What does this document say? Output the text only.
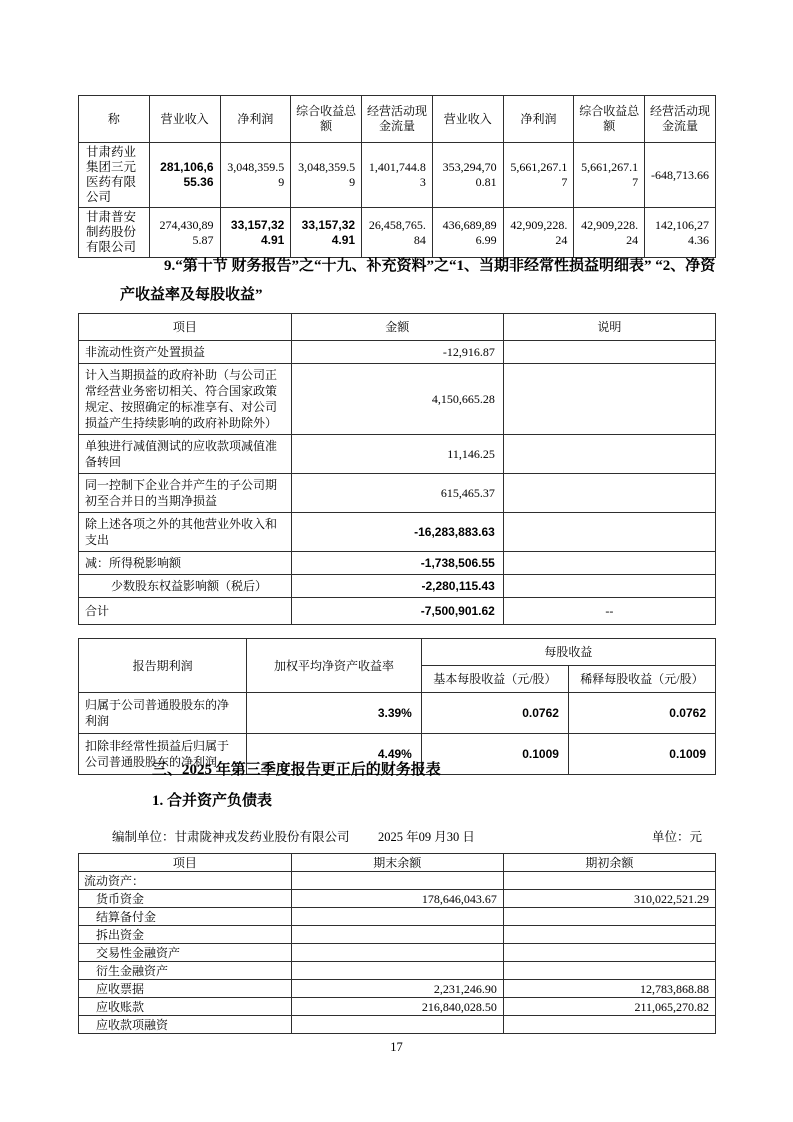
称	营业收入	净利润	综合收益总额	经营活动现金流量	营业收入	净利润	综合收益总额	经营活动现金流量
甘肃药业集团三元医药有限公司	281,106,655.36	3,048,359.59	3,048,359.59	1,401,744.83	353,294,700.81	5,661,267.17	5,661,267.17	-648,713.66
甘肃普安制药股份有限公司	274,430,895.87	33,157,324.91	33,157,324.91	26,458,765.84	436,689,896.99	42,909,228.24	42,909,228.24	142,106,274.36

9.“第十节 财务报告”之“十九、补充资料”之“1、当期非经常性损益明细表” “2、净资产收益率及每股收益”

项目	金额	说明
非流动性资产处置损益	-12,916.87	
计入当期损益的政府补助（与公司正常经营业务密切相关、符合国家政策规定、按照确定的标准享有、对公司损益产生持续影响的政府补助除外）	4,150,665.28	
单独进行减值测试的应收款项减值准备转回	11,146.25	
同一控制下企业合并产生的子公司期初至合并日的当期净损益	615,465.37	
除上述各项之外的其他营业外收入和支出	-16,283,883.63	
减：所得税影响额	-1,738,506.55	
少数股东权益影响额（税后）	-2,280,115.43	
合计	-7,500,901.62	--
报告期利润	加权平均净资产收益率	每股收益	
		基本每股收益（元/股）	稀释每股收益（元/股）
归属于公司普通股股东的净利润	3.39%	0.0762	0.0762
扣除非经常性损益后归属于公司普通股股东的净利润	4.49%	0.1009	0.1009

三、2025 年第三季度报告更正后的财务报表

1. 合并资产负债表

编制单位：甘肃陇神戎发药业股份有限公司 2025 年09 月30 日	单位：元
项目	期末余额	期初余额
流动资产：		
货币资金	178,646,043.67	310,022,521.29
结算备付金		
拆出资金		
交易性金融资产		
衍生金融资产		
应收票据	2,231,246.90	12,783,868.88
应收账款	216,840,028.50	211,065,270.82
应收款项融资		
17
